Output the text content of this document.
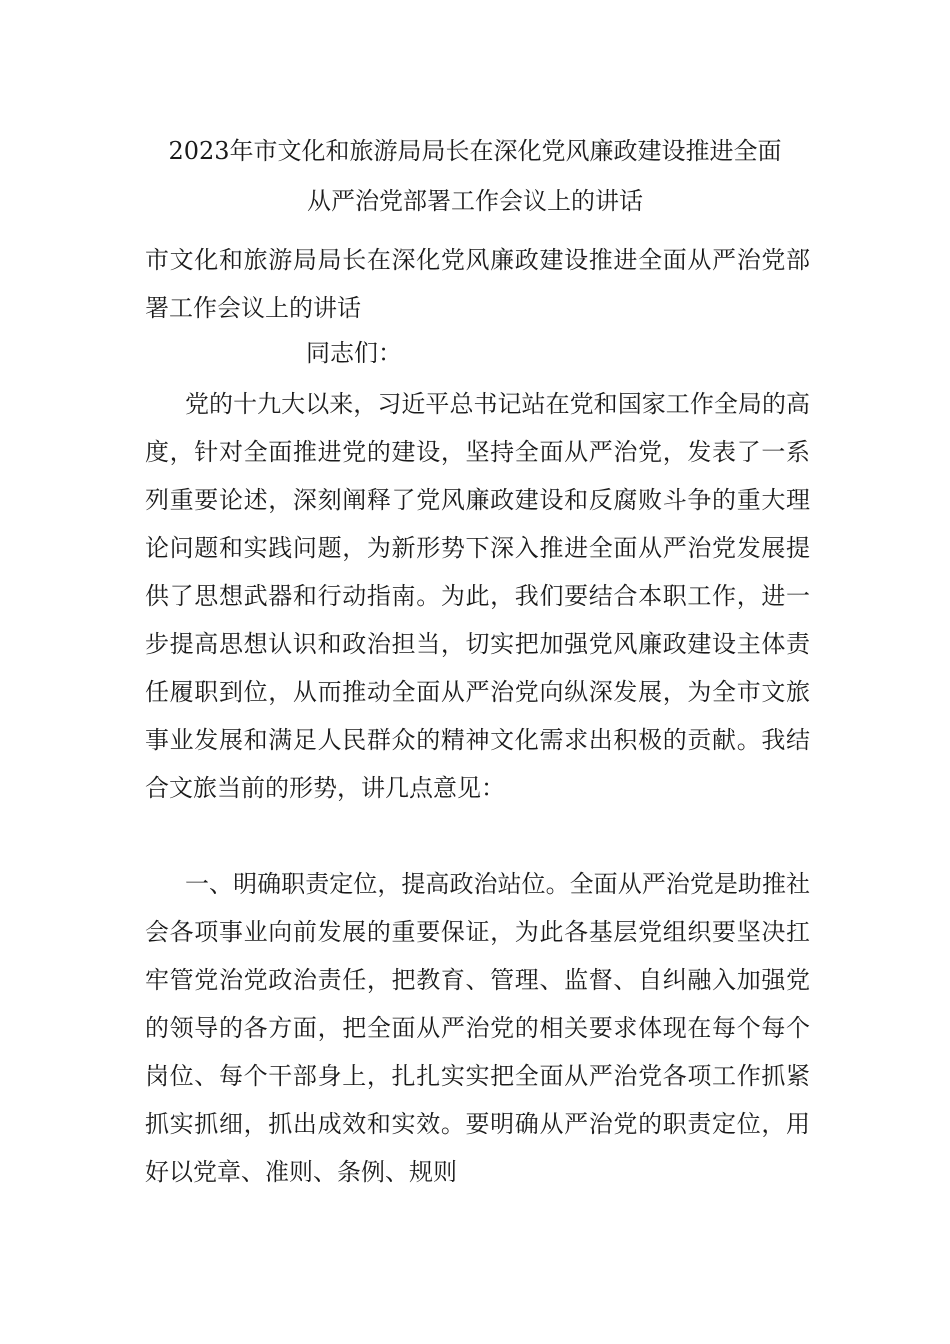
2023年市文化和旅游局局长在深化党风廉政建设推进全面
从严治党部署工作会议上的讲话

市文化和旅游局局长在深化党风廉政建设推进全面从严治党部署工作会议上的讲话

同志们：

党的十九大以来，习近平总书记站在党和国家工作全局的高度，针对全面推进党的建设，坚持全面从严治党，发表了一系列重要论述，深刻阐释了党风廉政建设和反腐败斗争的重大理论问题和实践问题，为新形势下深入推进全面从严治党发展提供了思想武器和行动指南。为此，我们要结合本职工作，进一步提高思想认识和政治担当，切实把加强党风廉政建设主体责任履职到位，从而推动全面从严治党向纵深发展，为全市文旅事业发展和满足人民群众的精神文化需求出积极的贡献。我结合文旅当前的形势，讲几点意见：

一、明确职责定位，提高政治站位。全面从严治党是助推社会各项事业向前发展的重要保证，为此各基层党组织要坚决扛牢管党治党政治责任，把教育、管理、监督、自纠融入加强党的领导的各方面，把全面从严治党的相关要求体现在每个每个岗位、每个干部身上，扎扎实实把全面从严治党各项工作抓紧抓实抓细，抓出成效和实效。要明确从严治党的职责定位，用好以党章、准则、条例、规则
